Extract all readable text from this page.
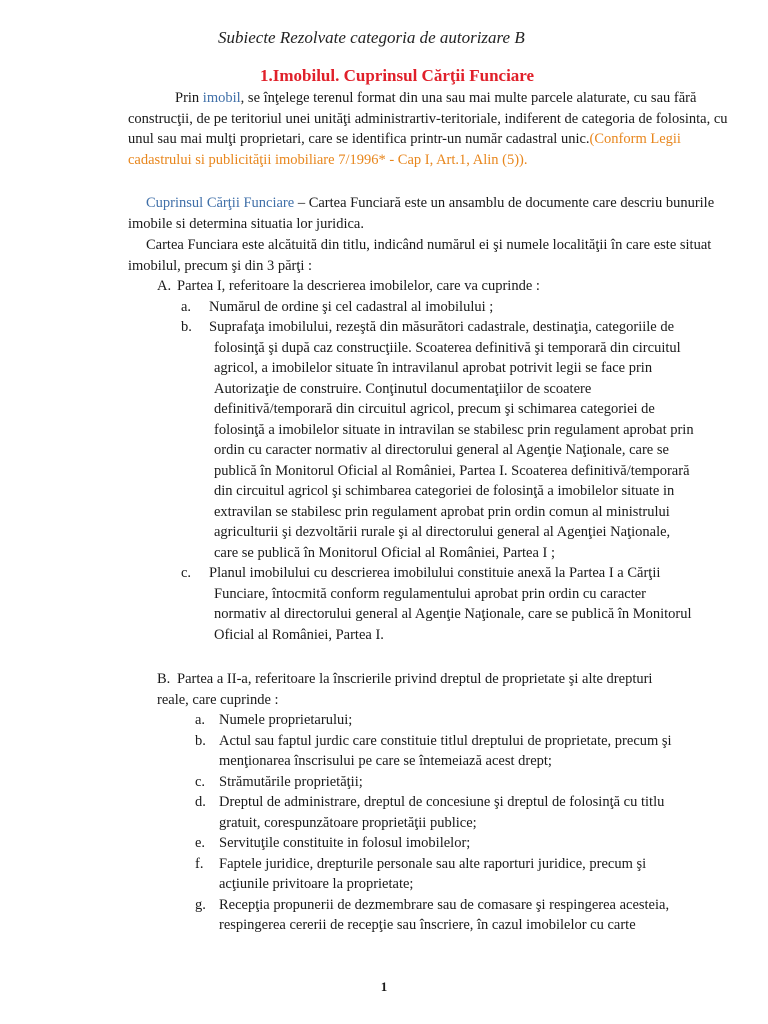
Subiecte Rezolvate categoria de autorizare B
1.Imobilul. Cuprinsul Cărţii Funciare

Prin imobil, se înţelege terenul format din una sau mai multe parcele alaturate, cu sau fără construcţii, de pe teritoriul unei unităţi administrartiv-teritoriale, indiferent de categoria de folosinta, cu unul sau mai mulţi proprietari, care se identifica printr-un număr cadastral unic.(Conform Legii cadastrului si publicităţii imobiliare 7/1996* - Cap I, Art.1, Alin (5)).

Cuprinsul Cărţii Funciare – Cartea Funciară este un ansamblu de documente care descriu bunurile imobile si determina situatia lor juridica.

Cartea Funciara este alcătuită din titlu, indicând numărul ei şi numele localităţii în care este situat imobilul, precum şi din 3 părţi :

A. Partea I, referitoare la descrierea imobilelor, care va cuprinde :
a. Numărul de ordine şi cel cadastral al imobilului ;
b. Suprafaţa imobilului, rezeştă din măsurători cadastrale, destinaţia, categoriile de folosinţă şi după caz construcţiile. Scoaterea definitivă şi temporară din circuitul agricol, a imobilelor situate în intravilanul aprobat potrivit legii se face prin Autorizaţie de construire. Conţinutul documentaţiilor de scoatere definitivă/temporară din circuitul agricol, precum şi schimarea categoriei de folosinţă a imobilelor situate in intravilan se stabilesc prin regulament aprobat prin ordin cu caracter normativ al directorului general al Agenţie Naţionale, care se publică în Monitorul Oficial al României, Partea I. Scoaterea definitivă/temporară din circuitul agricol şi schimbarea categoriei de folosinţă a imobilelor situate in extravilan se stabilesc prin regulament aprobat prin ordin comun al ministrului agriculturii şi dezvoltării rurale şi al directorului general al Agenţiei Naţionale, care se publică în Monitorul Oficial al României, Partea I ;
c. Planul imobilului cu descrierea imobilului constituie anexă la Partea I a Cărţii Funciare, întocmită conform regulamentului aprobat prin ordin cu caracter normativ al directorului general al Agenţie Naţionale, care se publică în Monitorul Oficial al României, Partea I.
B. Partea a II-a, referitoare la înscrierile privind dreptul de proprietate şi alte drepturi reale, care cuprinde :
a. Numele proprietarului;
b. Actul sau faptul jurdic care constituie titlul dreptului de proprietate, precum şi menţionarea înscrisului pe care se întemeiază acest drept;
c. Strămutările proprietăţii;
d. Dreptul de administrare, dreptul de concesiune şi dreptul de folosinţă cu titlu gratuit, corespunzătoare proprietăţii publice;
e. Servituţile constituite in folosul imobilelor;
f. Faptele juridice, drepturile personale sau alte raporturi juridice, precum şi acţiunile privitoare la proprietate;
g. Recepţia propunerii de dezmembrare sau de comasare şi respingerea acesteia, respingerea cererii de recepţie sau înscriere, în cazul imobilelor cu carte
1
